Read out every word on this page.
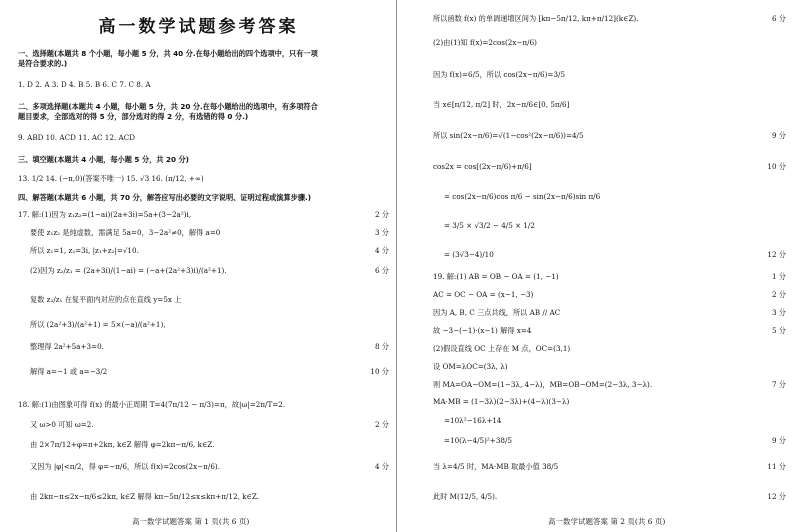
高一数学试题参考答案
高一数学试题答案 第 1 页(共 6 页)	高一数学试题答案 第 2 页(共 6 页)
一、选择题(本题共 8 个小题，每小题 5 分，共 40 分.在每小题给出的四个选项中，只有一项
是符合要求的.)
1. D 2. A 3. D 4. B 5. B 6. C 7. C 8. A
二、多项选择题(本题共 4 小题，每小题 5 分，共 20 分.在每小题给出的选项中，有多项符合
题目要求，全部选对的得 5 分，部分选对的得 2 分，有选错的得 0 分.)
9. ABD 10. ACD 11. AC 12. ACD
三、填空题(本题共 4 小题，每小题 5 分，共 20 分)
13. 1/2 14. (−π,0)(答案不唯一) 15. √3 16. (π/12, +∞)
四、解答题(本题共 6 小题，共 70 分，解答应写出必要的文字说明、证明过程或演算步骤.)
17. 解:(1)因为 z₁z₂=(1−ai)(2a+3i)=5a+(3−2a²)i,	2 分
要使 z₁z₂ 是纯虚数，需满足 5a=0，3−2a²≠0，解得 a=0	3 分
所以 z₁=1, z₂=3i, |z₁+z₂|=√10.	4 分
(2)因为 z₂/z₁ = (2a+3i)/(1−ai) = (−a+(2a²+3)i)/(a²+1).	6 分
复数 z₂/z₁ 在复平面内对应的点在直线 y=5x 上
所以 (2a²+3)/(a²+1) = 5×(−a)/(a²+1),
整理得 2a²+5a+3=0.	8 分
解得 a=−1 或 a=−3/2	10 分
18. 解:(1)由图象可得 f(x) 的最小正周期 T=4(7π/12 − π/3)=π，故|ω|=2π/T=2.
又 ω>0 可知 ω=2.	2 分
由 2×7π/12+φ=π+2kπ, k∈Z 解得 φ=2kπ−π/6, k∈Z.
又因为 |φ|<π/2，得 φ=−π/6，所以 f(x)=2cos(2x−π/6).	4 分
由 2kπ−π≤2x−π/6≤2kπ, k∈Z 解得 kπ−5π/12≤x≤kπ+π/12, k∈Z.
所以函数 f(x) 的单调递增区间为 [kπ−5π/12, kπ+π/12](k∈Z).	6 分
(2)由(1)知 f(x)=2cos(2x−π/6)
因为 f(x)=6/5，所以 cos(2x−π/6)=3/5
当 x∈[π/12, π/2] 时，2x−π/6∈[0, 5π/6]
所以 sin(2x−π/6)=√(1−cos²(2x−π/6))=4/5	9 分
cos2x = cos[(2x−π/6)+π/6]	10 分
= cos(2x−π/6)cos π/6 − sin(2x−π/6)sin π/6
= 3/5 × √3/2 − 4/5 × 1/2
= (3√3−4)/10	12 分
19. 解:(1) AB = OB − OA = (1, −1)	1 分
AC = OC − OA = (x−1, −3)	2 分
因为 A, B, C 三点共线，所以 AB // AC	3 分
故 −3−(−1)·(x−1) 解得 x=4	5 分
(2)假设直线 OC 上存在 M 点，OC=(3,1)
设 OM=λOC=(3λ, λ)
则 MA=OA−OM=(1−3λ, 4−λ)，MB=OB−OM=(2−3λ, 3−λ).	7 分
MA·MB = (1−3λ)(2−3λ)+(4−λ)(3−λ)
=10λ²−16λ+14
=10(λ−4/5)²+38/5	9 分
当 λ=4/5 时，MA·MB 取最小值 38/5	11 分
此时 M(12/5, 4/5).	12 分
